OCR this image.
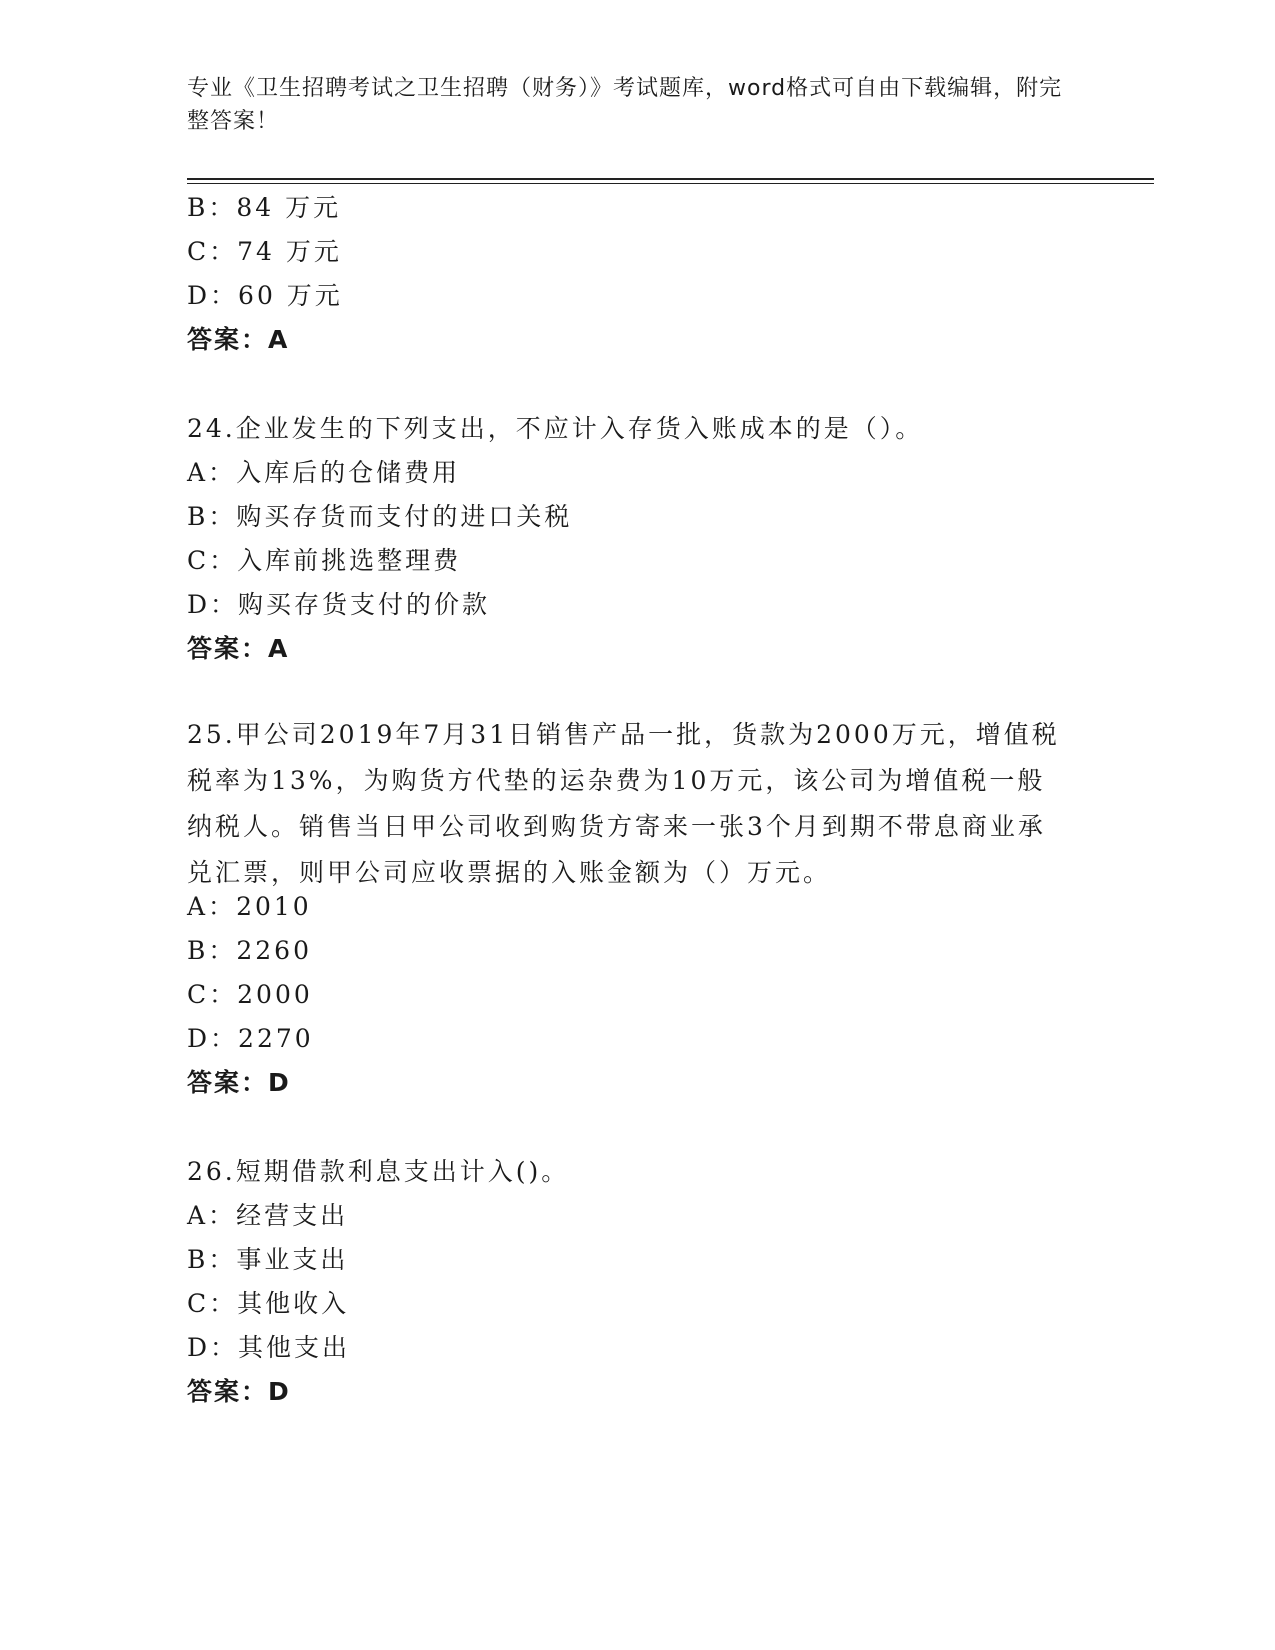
专业《卫生招聘考试之卫生招聘（财务）》考试题库，word格式可自由下载编辑，附完整答案！
B：84 万元
C：74 万元
D：60 万元
答案：A
24.企业发生的下列支出，不应计入存货入账成本的是（）。
A：入库后的仓储费用
B：购买存货而支付的进口关税
C：入库前挑选整理费
D：购买存货支付的价款
答案：A
25.甲公司2019年7月31日销售产品一批，货款为2000万元，增值税税率为13%，为购货方代垫的运杂费为10万元，该公司为增值税一般纳税人。销售当日甲公司收到购货方寄来一张3个月到期不带息商业承兑汇票，则甲公司应收票据的入账金额为（）万元。
A：2010
B：2260
C：2000
D：2270
答案：D
26.短期借款利息支出计入()。
A：经营支出
B：事业支出
C：其他收入
D：其他支出
答案：D
